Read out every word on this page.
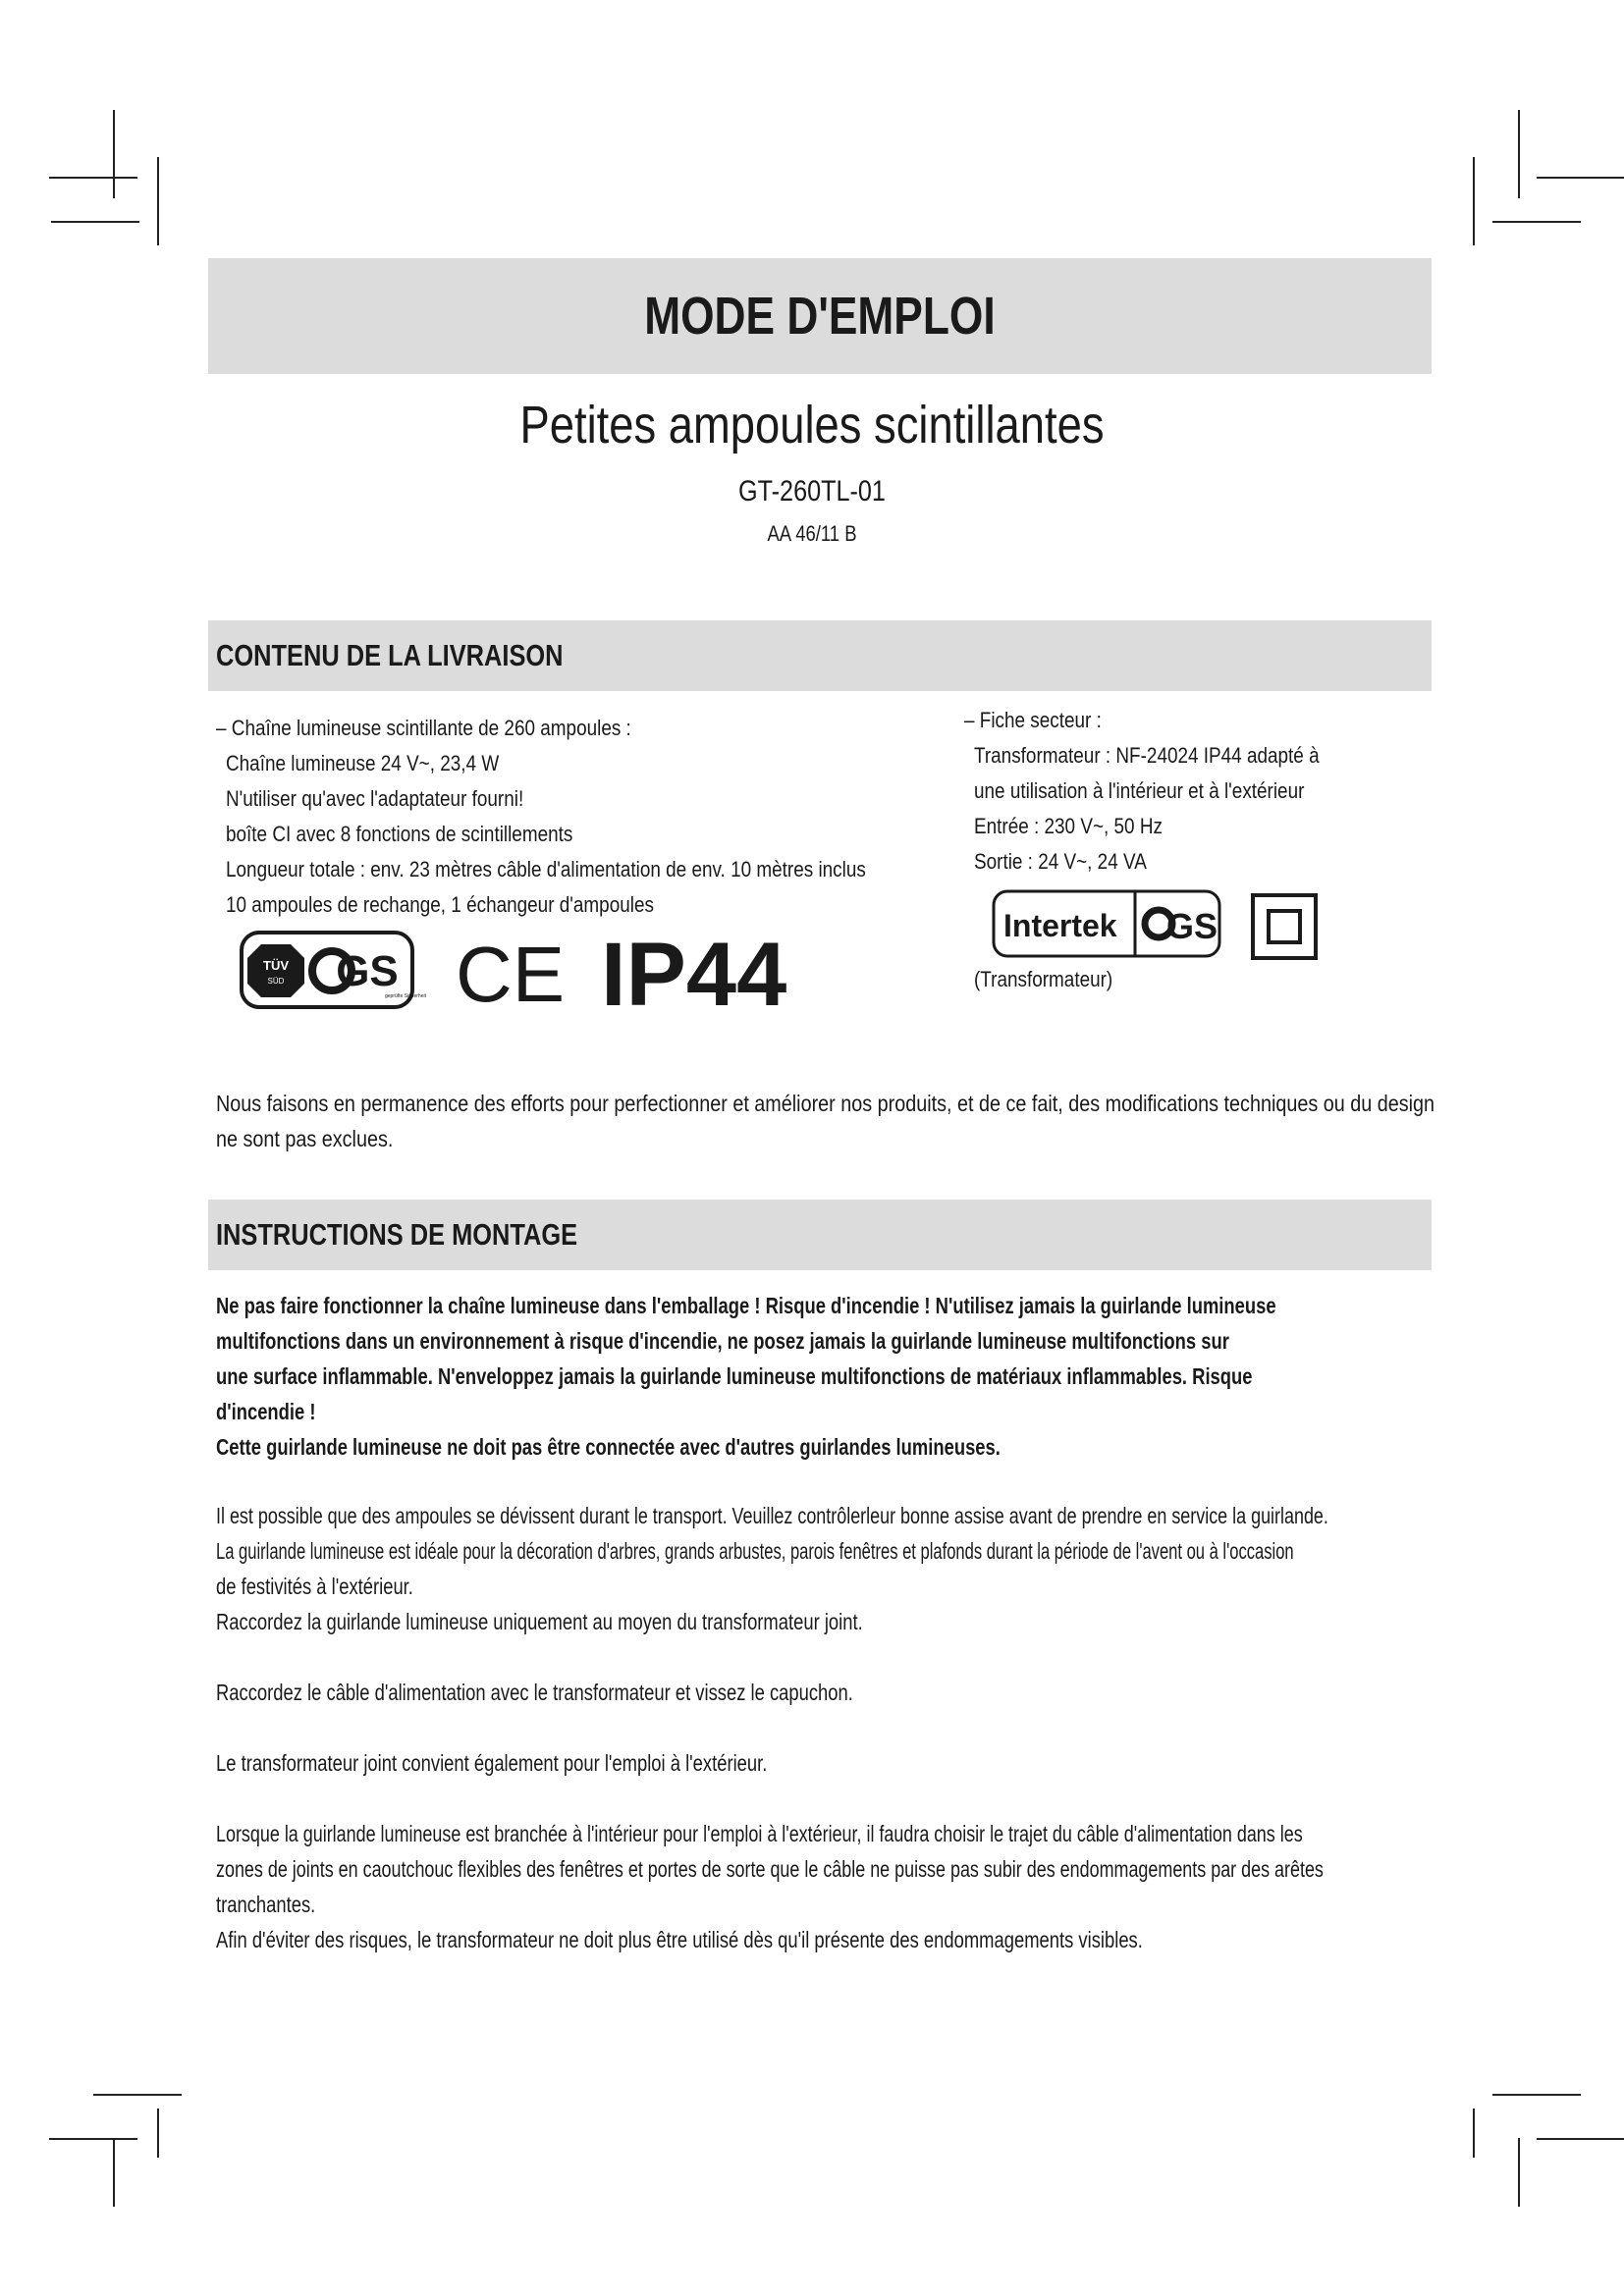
MODE D'EMPLOI
Petites ampoules scintillantes
GT-260TL-01
AA 46/11 B
CONTENU DE LA LIVRAISON
– Chaîne lumineuse scintillante de 260 ampoules :
Chaîne lumineuse 24 V~, 23,4 W
N'utiliser qu'avec l'adaptateur fourni!
boîte CI avec 8 fonctions de scintillements
Longueur totale : env. 23 mètres câble d'alimentation de env. 10 mètres inclus
10 ampoules de rechange, 1 échangeur d'ampoules
TÜV
SÜD GS
geprüfte Sicherheit CE IP44
– Fiche secteur :
Transformateur : NF-24024 IP44 adapté à
une utilisation à l'intérieur et à l'extérieur
Entrée : 230 V~, 50 Hz
Sortie : 24 V~, 24 VA
Intertek GS
(Transformateur)
Nous faisons en permanence des efforts pour perfectionner et améliorer nos produits, et de ce fait, des modifications techniques ou du design
ne sont pas exclues.
INSTRUCTIONS DE MONTAGE
Ne pas faire fonctionner la chaîne lumineuse dans l'emballage ! Risque d'incendie ! N'utilisez jamais la guirlande lumineuse
multifonctions dans un environnement à risque d'incendie, ne posez jamais la guirlande lumineuse multifonctions sur
une surface inflammable. N'enveloppez jamais la guirlande lumineuse multifonctions de matériaux inflammables. Risque
d'incendie !
Cette guirlande lumineuse ne doit pas être connectée avec d'autres guirlandes lumineuses.
Il est possible que des ampoules se dévissent durant le transport. Veuillez contrôlerleur bonne assise avant de prendre en service la guirlande.
La guirlande lumineuse est idéale pour la décoration d'arbres, grands arbustes, parois fenêtres et plafonds durant la période de l'avent ou à l'occasion
de festivités à l'extérieur.
Raccordez la guirlande lumineuse uniquement au moyen du transformateur joint.
Raccordez le câble d'alimentation avec le transformateur et vissez le capuchon.
Le transformateur joint convient également pour l'emploi à l'extérieur.
Lorsque la guirlande lumineuse est branchée à l'intérieur pour l'emploi à l'extérieur, il faudra choisir le trajet du câble d'alimentation dans les
zones de joints en caoutchouc flexibles des fenêtres et portes de sorte que le câble ne puisse pas subir des endommagements par des arêtes
tranchantes.
Afin d'éviter des risques, le transformateur ne doit plus être utilisé dès qu'il présente des endommagements visibles.
